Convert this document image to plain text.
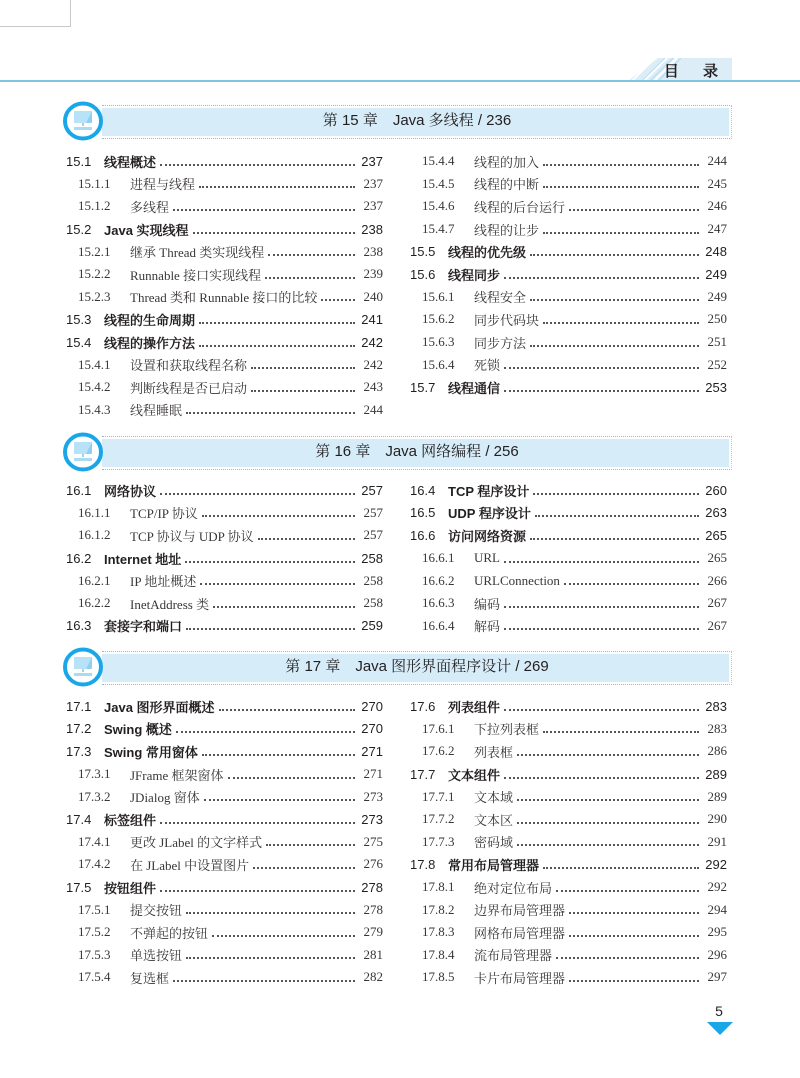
目 录
第 15 章　Java 多线程 / 236
15.1 线程概述	237
15.1.1	进程与线程	237
15.1.2	多线程	237
15.2 Java 实现线程	238
15.2.1	继承 Thread 类实现线程	238
15.2.2	Runnable 接口实现线程	239
15.2.3	Thread 类和 Runnable 接口的比较	240
15.3 线程的生命周期	241
15.4 线程的操作方法	242
15.4.1	设置和获取线程名称	242
15.4.2	判断线程是否已启动	243
15.4.3	线程睡眠	244
15.4.4	线程的加入	244
15.4.5	线程的中断	245
15.4.6	线程的后台运行	246
15.4.7	线程的让步	247
15.5 线程的优先级	248
15.6 线程同步	249
15.6.1	线程安全	249
15.6.2	同步代码块	250
15.6.3	同步方法	251
15.6.4	死锁	252
15.7 线程通信	253
第 16 章　Java 网络编程 / 256
16.1 网络协议	257
16.1.1	TCP/IP 协议	257
16.1.2	TCP 协议与 UDP 协议	257
16.2 Internet 地址	258
16.2.1	IP 地址概述	258
16.2.2	InetAddress 类	258
16.3 套接字和端口	259
16.4 TCP 程序设计	260
16.5 UDP 程序设计	263
16.6 访问网络资源	265
16.6.1	URL	265
16.6.2	URLConnection	266
16.6.3	编码	267
16.6.4	解码	267
第 17 章　Java 图形界面程序设计 / 269
17.1 Java 图形界面概述	270
17.2 Swing 概述	270
17.3 Swing 常用窗体	271
17.3.1	JFrame 框架窗体	271
17.3.2	JDialog 窗体	273
17.4 标签组件	273
17.4.1	更改 JLabel 的文字样式	275
17.4.2	在 JLabel 中设置图片	276
17.5 按钮组件	278
17.5.1	提交按钮	278
17.5.2	不弹起的按钮	279
17.5.3	单选按钮	281
17.5.4	复选框	282
17.6 列表组件	283
17.6.1	下拉列表框	283
17.6.2	列表框	286
17.7 文本组件	289
17.7.1	文本域	289
17.7.2	文本区	290
17.7.3	密码域	291
17.8 常用布局管理器	292
17.8.1	绝对定位布局	292
17.8.2	边界布局管理器	294
17.8.3	网格布局管理器	295
17.8.4	流布局管理器	296
17.8.5	卡片布局管理器	297
5
